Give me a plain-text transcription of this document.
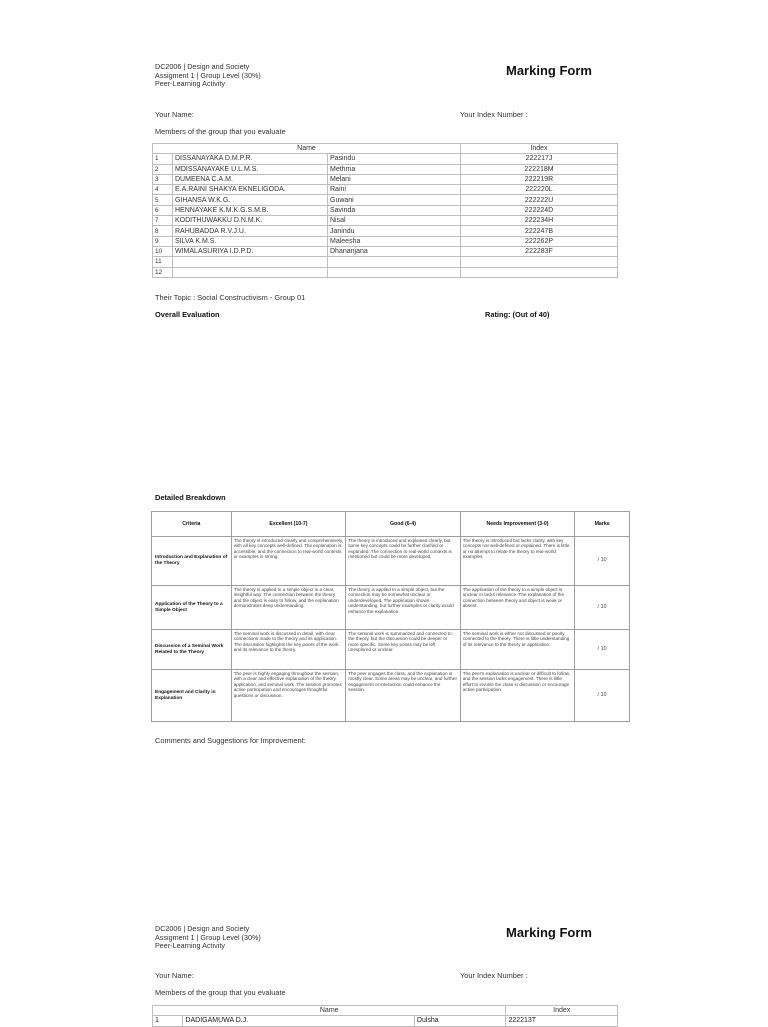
DC2006 | Design and Society
Assigment 1 | Group Level (30%)
Peer-Learning Activity
Marking Form
Your Name:	Your Index Number :
Members of the group that you evaluate
Name			Index
1	DISSANAYAKA D.M.P.R.	Pasindu	222217J
2	MDISSANAYAKE U.L.M.S.	Methma	222218M
3	DUMEENA C.A.M.	Melani	222219R
4	E.A.RAINI SHAKYA EKNELIGODA.	Raini	222220L
5	GIHANSA W.K.G.	Guwani	222222U
6	HENNAYAKE K.M.K.G.S.M.B.	Savinda	222224D
7	KODITHUWAKKU D.N.M.K.	Nisal	222234H
8	RAHUBADDA R.V.J.U.	Janindu	222247B
9	SILVA K.M.S.	Maleesha	222262P
10	WIMALASURIYA I.D.P.D.	Dhananjana	222283F
11			
12			
Their Topic : Social Constructivism - Group 01
Overall Evaluation	Rating: (Out of 40)
Detailed Breakdown
Criteria	Excellent (10-7)	Good (6-4)	Needs Improvement (3-0)	Marks
Introduction and Explanation of the Theory	The theory is introduced clearly and comprehensively, with all key concepts well-defined. The explanation is accessible, and the connection to real-world contexts or examples is strong.	The theory is introduced and explained clearly, but some key concepts could be further clarified or expanded. The connection to real-world contexts is mentioned but could be more developed.	The theory is introduced but lacks clarity, with key concepts not well-defined or explained. There is little or no attempt to relate the theory to real-world examples.	/ 10
Application of the Theory to a Simple Object	The theory is applied to a simple object in a clear, insightful way. The connection between the theory and the object is easy to follow, and the explanation demonstrates deep understanding.	The theory is applied to a simple object, but the connection may be somewhat unclear or underdeveloped. The application shows understanding, but further examples or clarity would enhance the explanation.	The application of the theory to a simple object is unclear or lacks relevance. The explanation of the connection between theory and object is weak or absent.	/ 10
Discussion of a Seminal Work Related to the Theory	The seminal work is discussed in detail, with clear connections made to the theory and its application. The discussion highlights the key points of the work and its relevance to the theory.	The seminal work is summarized and connected to the theory, but the discussion could be deeper or more specific. Some key points may be left unexplored or unclear.	The seminal work is either not discussed or poorly connected to the theory. There is little understanding of its relevance to the theory or application.	/ 10
Engagement and Clarity in Explanation	The peer is highly engaging throughout the session, with a clear and effective explanation of the theory, application, and seminal work. The session promotes active participation and encourages thoughtful questions or discussion.	The peer engages the class, and the explanation is mostly clear. Some areas may be unclear, and further engagement or interaction could enhance the session.	The peer's explanation is unclear or difficult to follow, and the session lacks engagement. There is little effort to involve the class in discussion or encourage active participation.	/ 10
Comments and Suggestions for Improvement:
DC2006 | Design and Society
Assigment 1 | Group Level (30%)
Peer-Learning Activity
Marking Form
Your Name:	Your Index Number :
Members of the group that you evaluate
Name			Index
1	DADIGAMUWA D.J.	Dulsha	222213T
